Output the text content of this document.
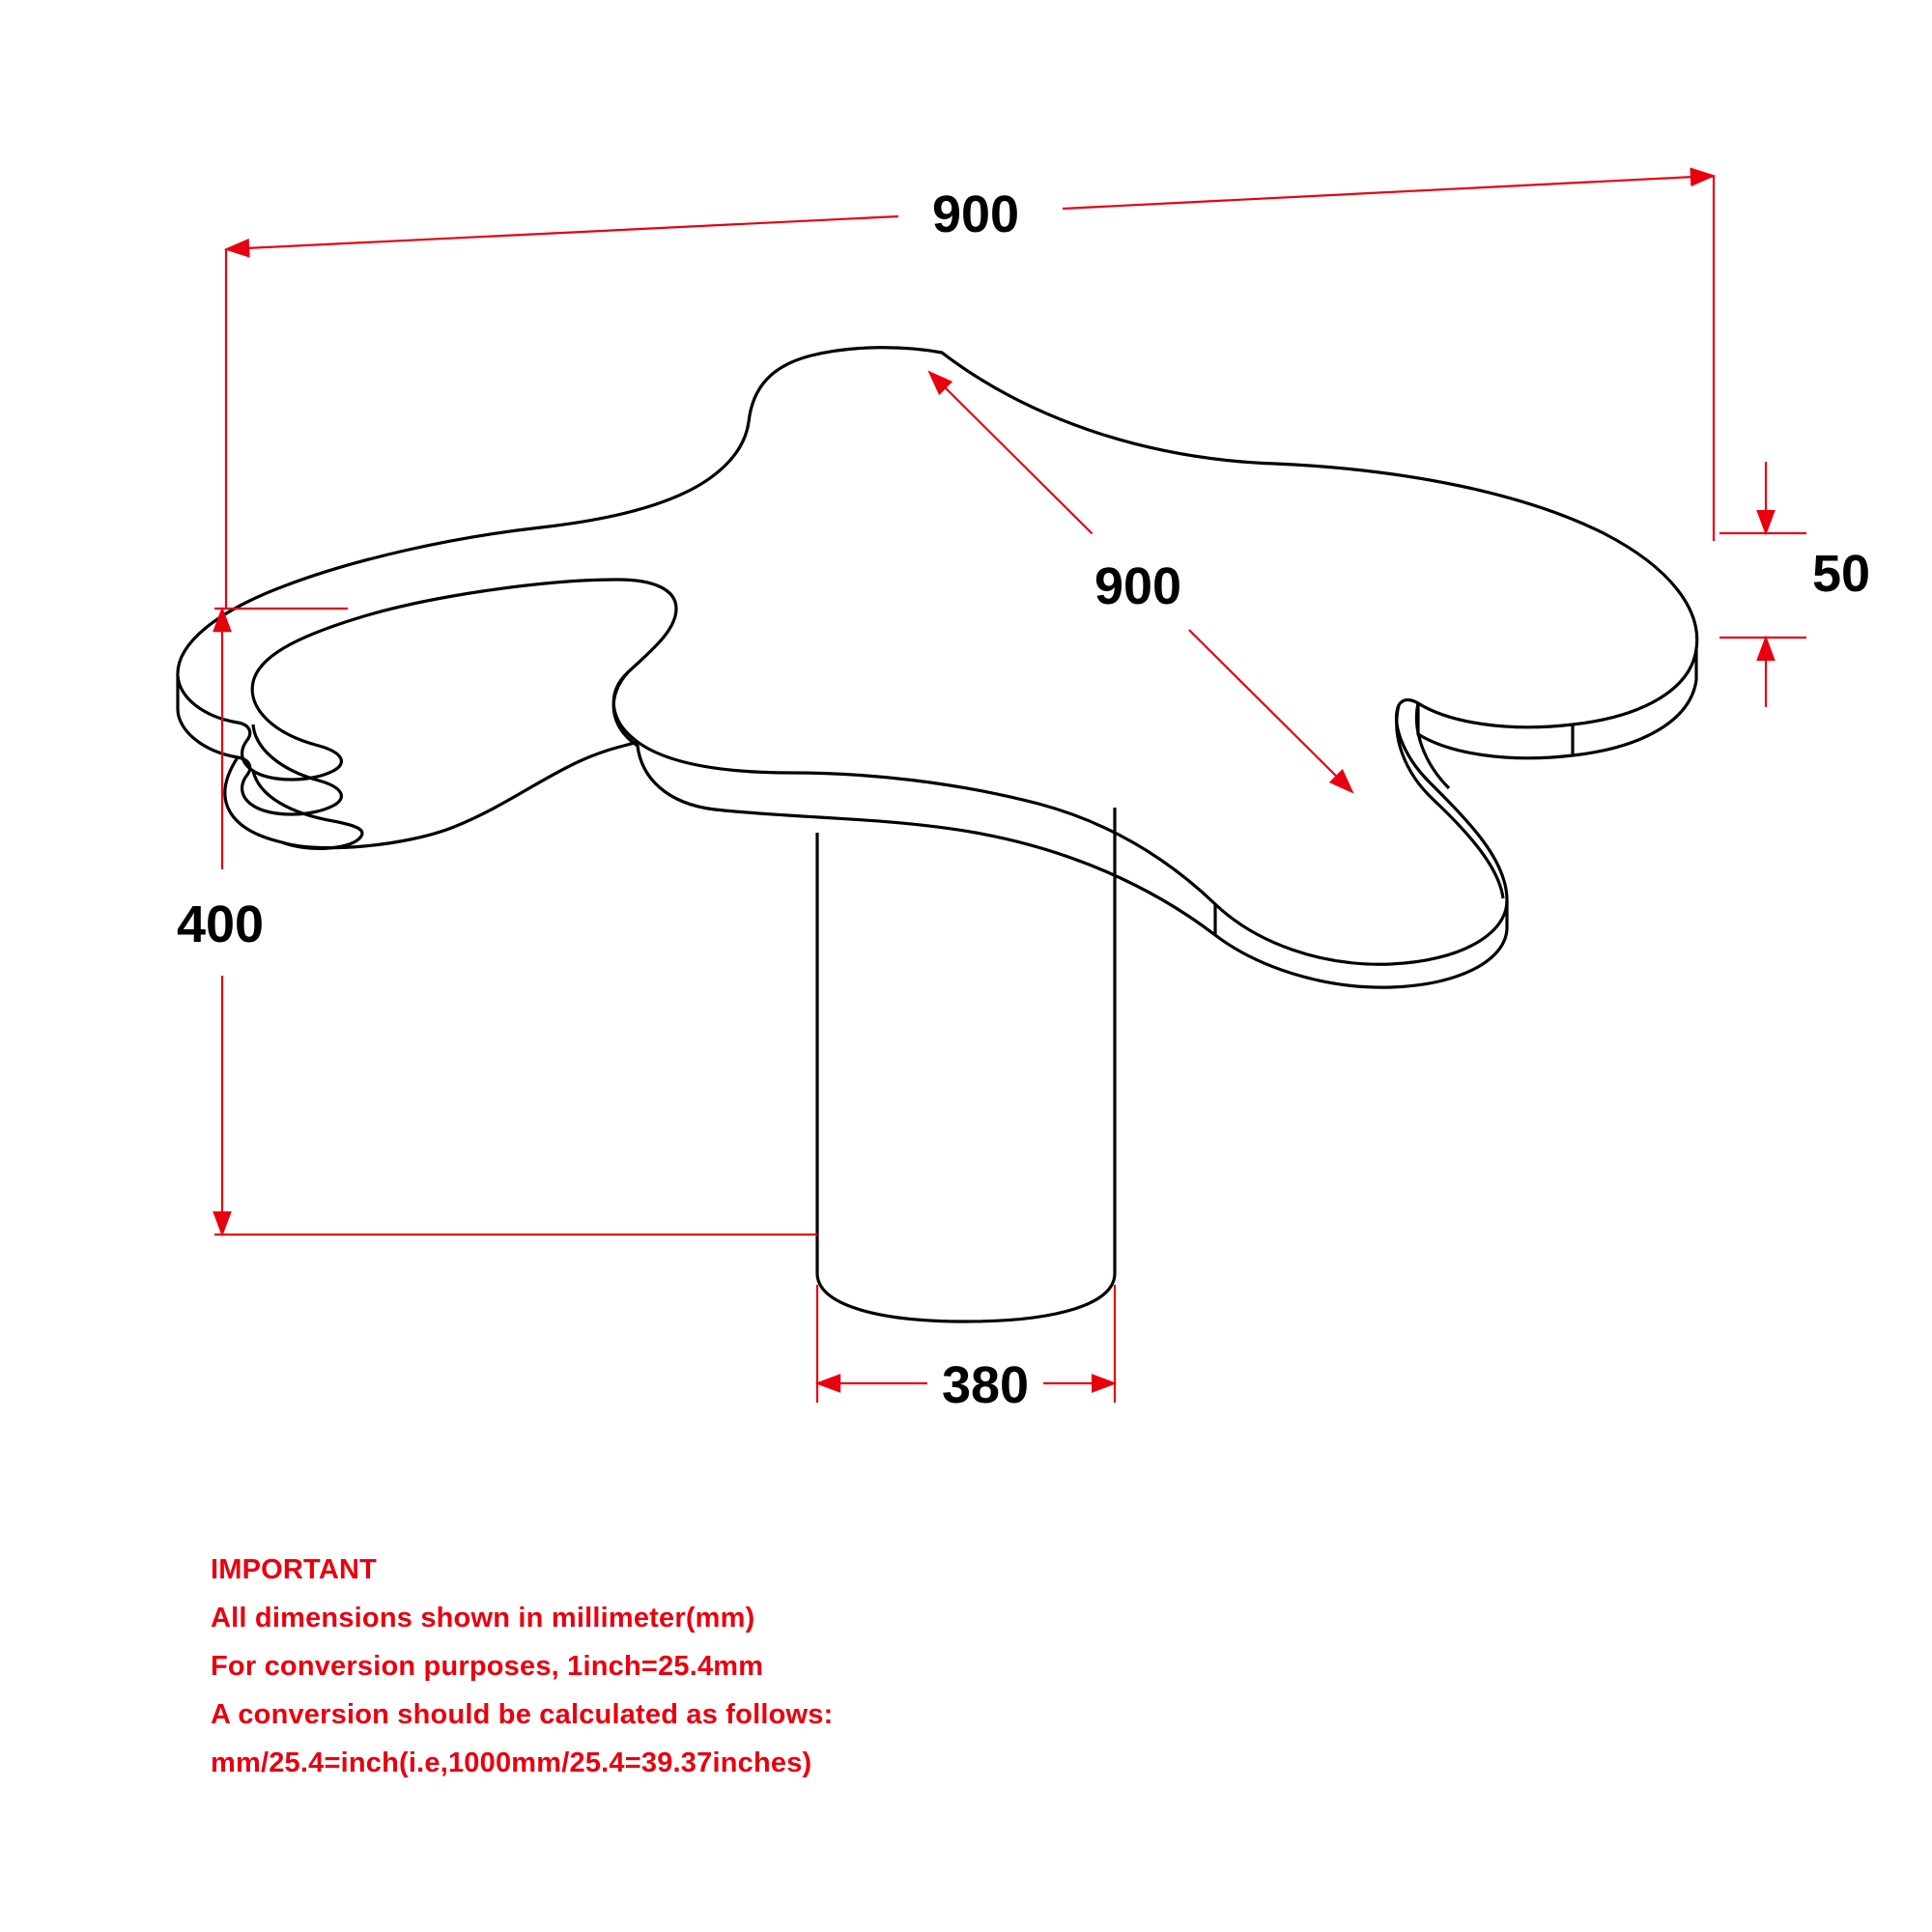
900
900	50
400
380
IMPORTANT
All dimensions shown in millimeter(mm)
For conversion purposes, 1inch=25.4mm
A conversion should be calculated as follows:
mm/25.4=inch(i.e,1000mm/25.4=39.37inches)
